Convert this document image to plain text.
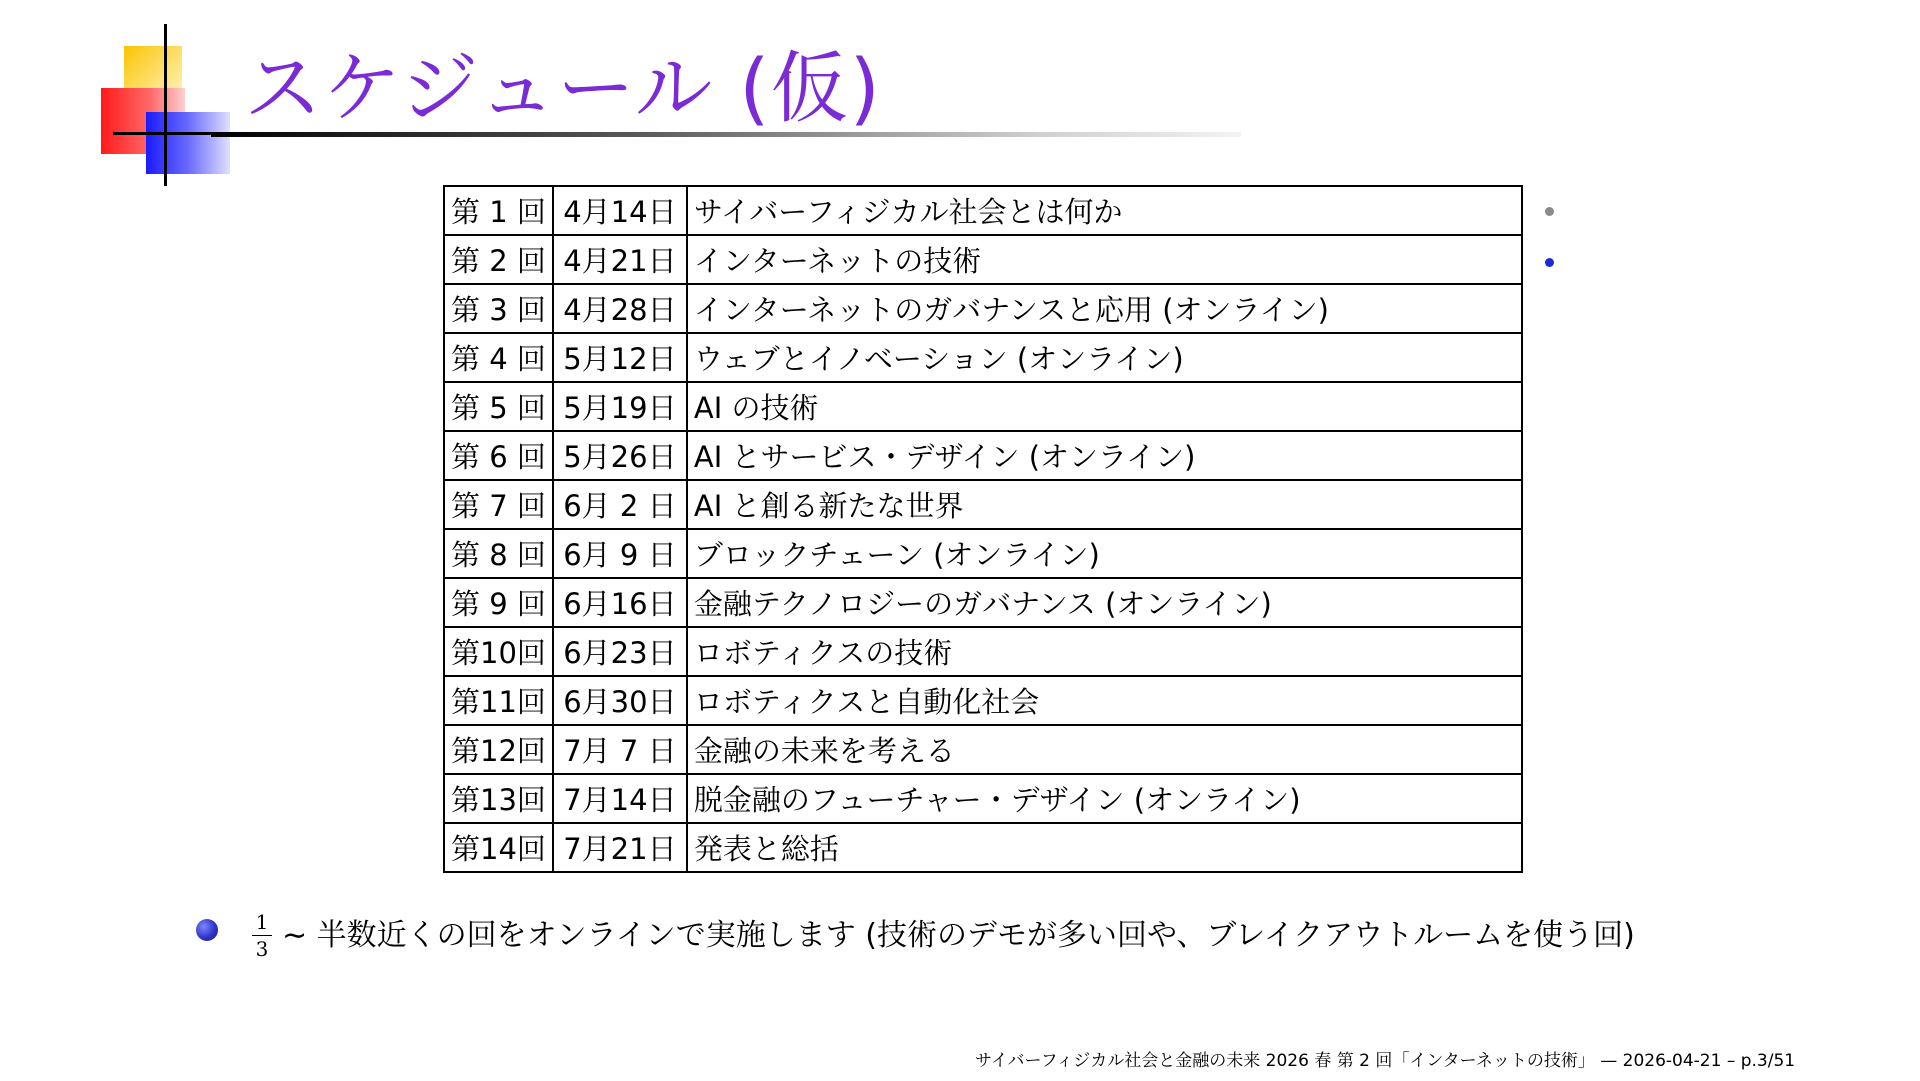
スケジュール (仮)
第 1 回	4月14日	サイバーフィジカル社会とは何か
第 2 回	4月21日	インターネットの技術
第 3 回	4月28日	インターネットのガバナンスと応用 (オンライン)
第 4 回	5月12日	ウェブとイノベーション (オンライン)
第 5 回	5月19日	AI の技術
第 6 回	5月26日	AI とサービス・デザイン (オンライン)
第 7 回	6月 2 日	AI と創る新たな世界
第 8 回	6月 9 日	ブロックチェーン (オンライン)
第 9 回	6月16日	金融テクノロジーのガバナンス (オンライン)
第10回	6月23日	ロボティクスの技術
第11回	6月30日	ロボティクスと自動化社会
第12回	7月 7 日	金融の未来を考える
第13回	7月14日	脱金融のフューチャー・デザイン (オンライン)
第14回	7月21日	発表と総括
1
3 ∼ 半数近くの回をオンラインで実施します (技術のデモが多い回や、ブレイクアウトルームを使う回)
サイバーフィジカル社会と金融の未来 2026 春 第 2 回「インターネットの技術」 — 2026-04-21 – p.3/51
